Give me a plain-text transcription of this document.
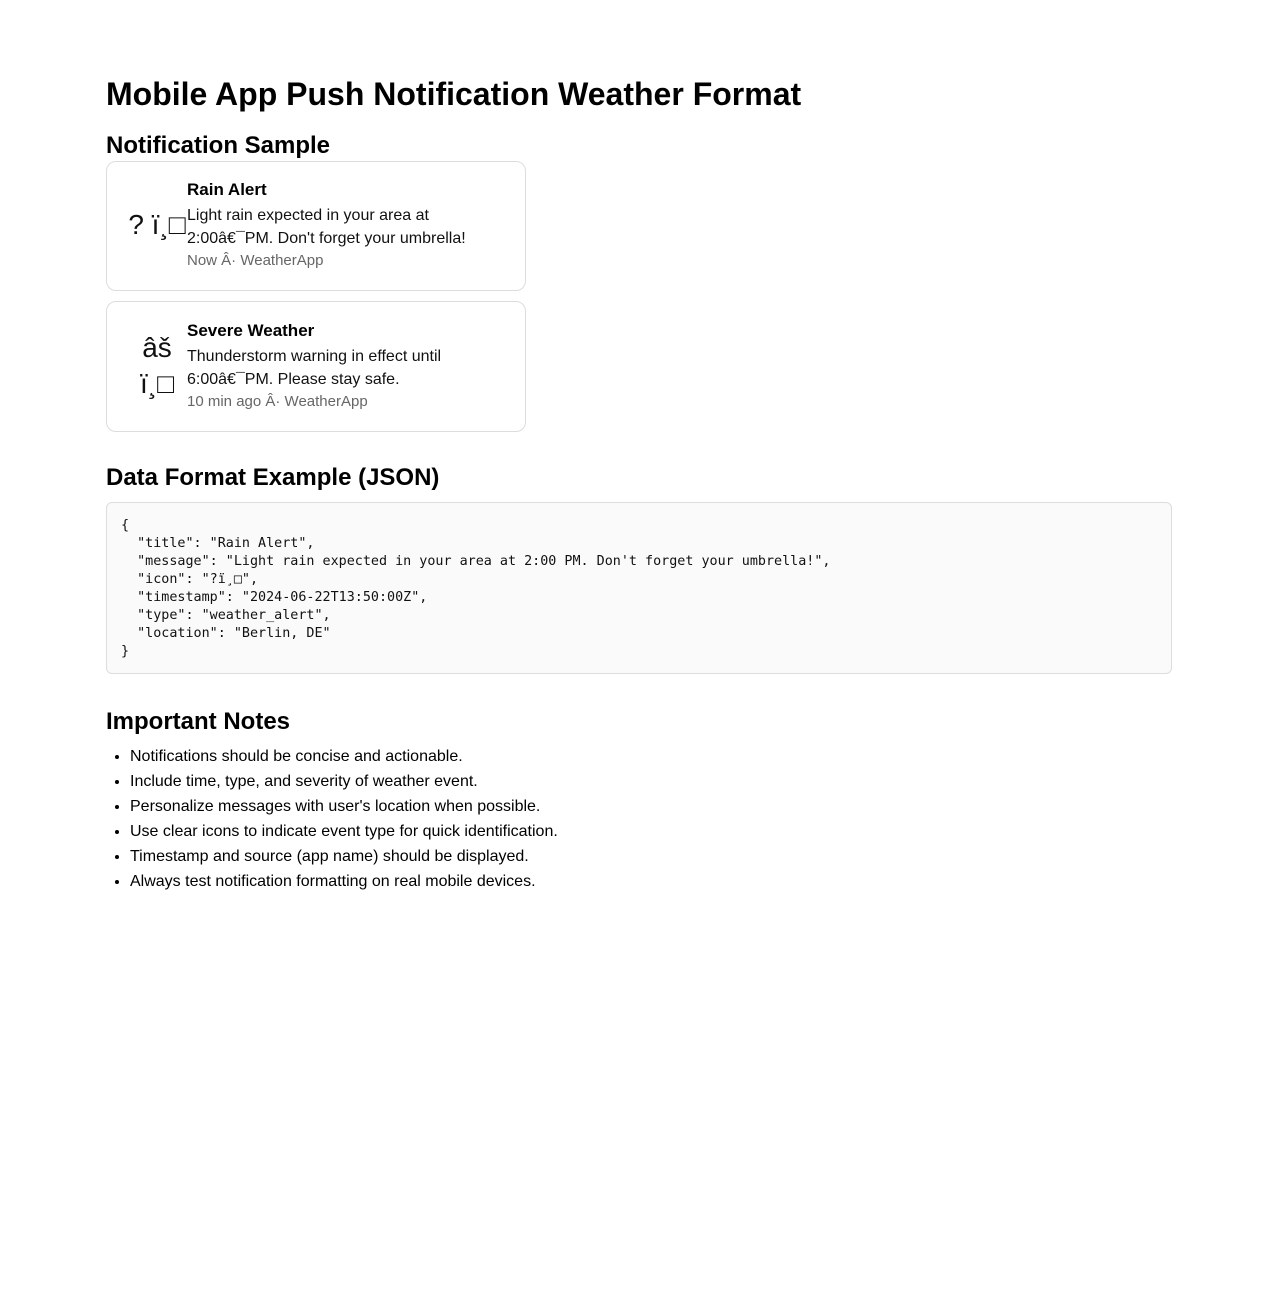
Mobile App Push Notification Weather Format
Notification Sample
? ï¸□
Rain Alert
Light rain expected in your area at 2:00â€¯PM. Don't forget your umbrella!
Now Â· WeatherApp
âš ï¸□
Severe Weather
Thunderstorm warning in effect until 6:00â€¯PM. Please stay safe.
10 min ago Â· WeatherApp
Data Format Example (JSON)
{
"title": "Rain Alert",
"message": "Light rain expected in your area at 2:00 PM. Don't forget your umbrella!",
"icon": "?ï¸□",
"timestamp": "2024-06-22T13:50:00Z",
"type": "weather_alert",
"location": "Berlin, DE"
}
Important Notes
• Notifications should be concise and actionable.
• Include time, type, and severity of weather event.
• Personalize messages with user's location when possible.
• Use clear icons to indicate event type for quick identification.
• Timestamp and source (app name) should be displayed.
• Always test notification formatting on real mobile devices.
